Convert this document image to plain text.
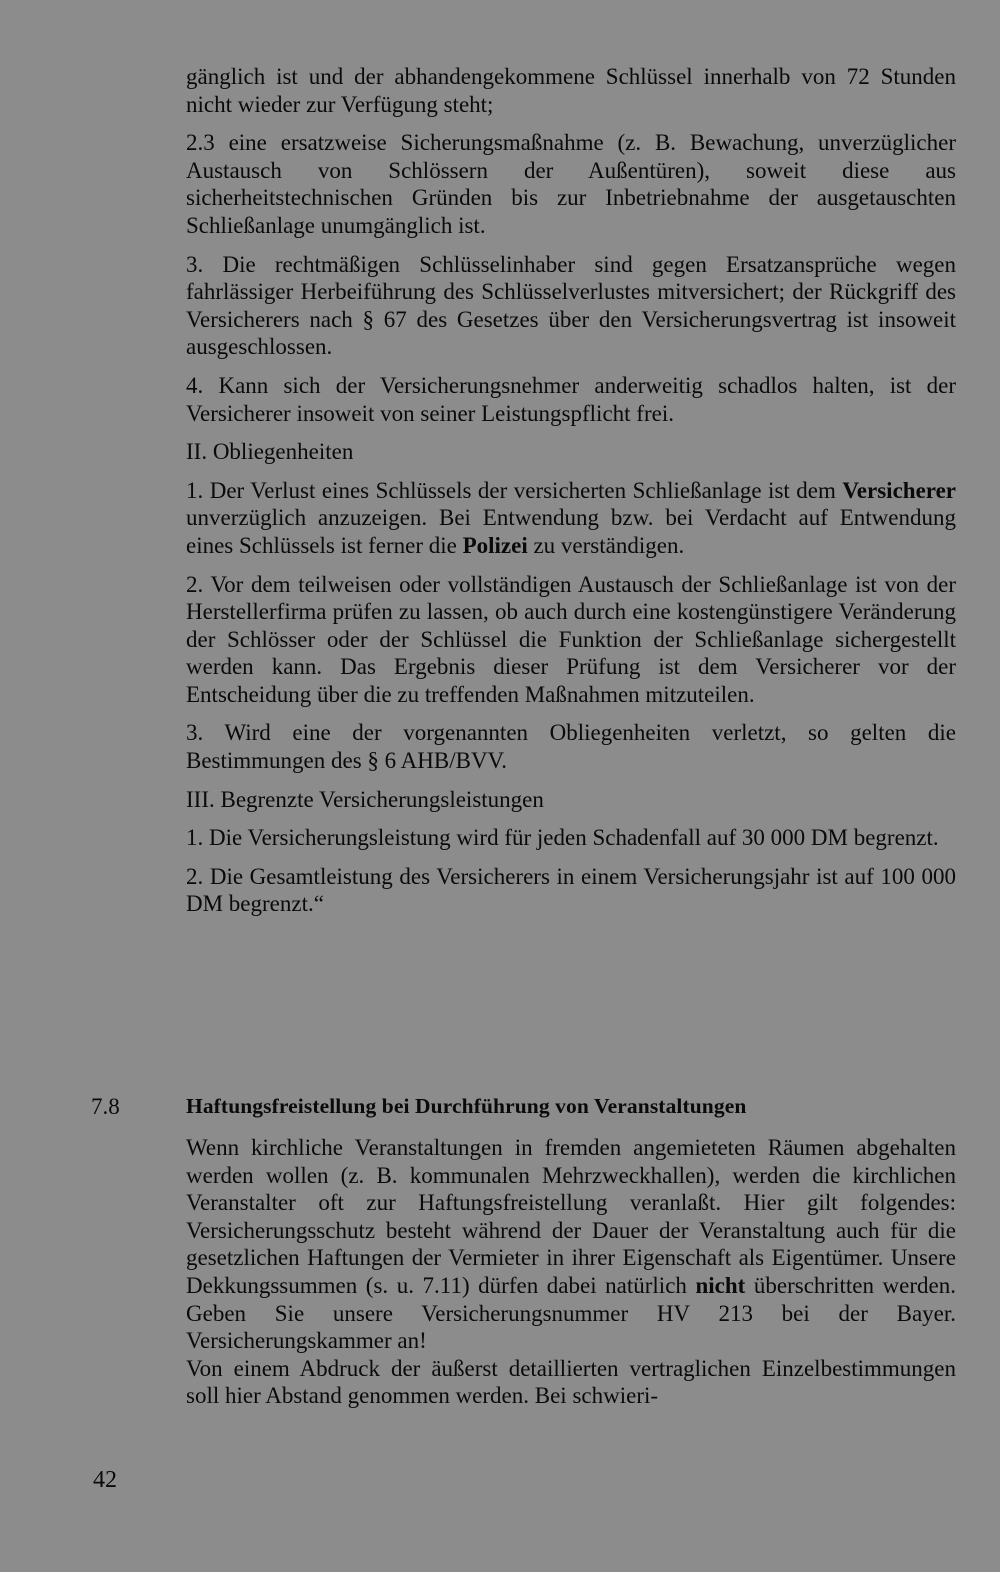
gänglich ist und der abhandengekommene Schlüssel innerhalb von 72 Stunden nicht wieder zur Verfügung steht;

2.3 eine ersatzweise Sicherungsmaßnahme (z. B. Bewachung, unverzüglicher Austausch von Schlössern der Außentüren), soweit diese aus sicherheitstechnischen Gründen bis zur Inbetriebnahme der ausgetauschten Schließanlage unumgänglich ist.

3. Die rechtmäßigen Schlüsselinhaber sind gegen Ersatzansprüche wegen fahrlässiger Herbeiführung des Schlüsselverlustes mitversichert; der Rückgriff des Versicherers nach § 67 des Gesetzes über den Versicherungsvertrag ist insoweit ausgeschlossen.

4. Kann sich der Versicherungsnehmer anderweitig schadlos halten, ist der Versicherer insoweit von seiner Leistungspflicht frei.

II. Obliegenheiten

1. Der Verlust eines Schlüssels der versicherten Schließanlage ist dem Versicherer unverzüglich anzuzeigen. Bei Entwendung bzw. bei Verdacht auf Entwendung eines Schlüssels ist ferner die Polizei zu verständigen.

2. Vor dem teilweisen oder vollständigen Austausch der Schließanlage ist von der Herstellerfirma prüfen zu lassen, ob auch durch eine kostengünstigere Veränderung der Schlösser oder der Schlüssel die Funktion der Schließanlage sichergestellt werden kann. Das Ergebnis dieser Prüfung ist dem Versicherer vor der Entscheidung über die zu treffenden Maßnahmen mitzuteilen.

3. Wird eine der vorgenannten Obliegenheiten verletzt, so gelten die Bestimmungen des § 6 AHB/BVV.

III. Begrenzte Versicherungsleistungen

1. Die Versicherungsleistung wird für jeden Schadenfall auf 30 000 DM begrenzt.

2. Die Gesamtleistung des Versicherers in einem Versicherungsjahr ist auf 100 000 DM begrenzt.“

7.8	Haftungsfreistellung bei Durchführung von Veranstaltungen

Wenn kirchliche Veranstaltungen in fremden angemieteten Räumen abgehalten werden wollen (z. B. kommunalen Mehrzweckhallen), werden die kirchlichen Veranstalter oft zur Haftungsfreistellung veranlaßt. Hier gilt folgendes: Versicherungsschutz besteht während der Dauer der Veranstaltung auch für die gesetzlichen Haftungen der Vermieter in ihrer Eigenschaft als Eigentümer. Unsere Dekkungssummen (s. u. 7.11) dürfen dabei natürlich nicht überschritten werden. Geben Sie unsere Versicherungsnummer HV 213 bei der Bayer. Versicherungskammer an!

Von einem Abdruck der äußerst detaillierten vertraglichen Einzelbestimmungen soll hier Abstand genommen werden. Bei schwieri-

42
